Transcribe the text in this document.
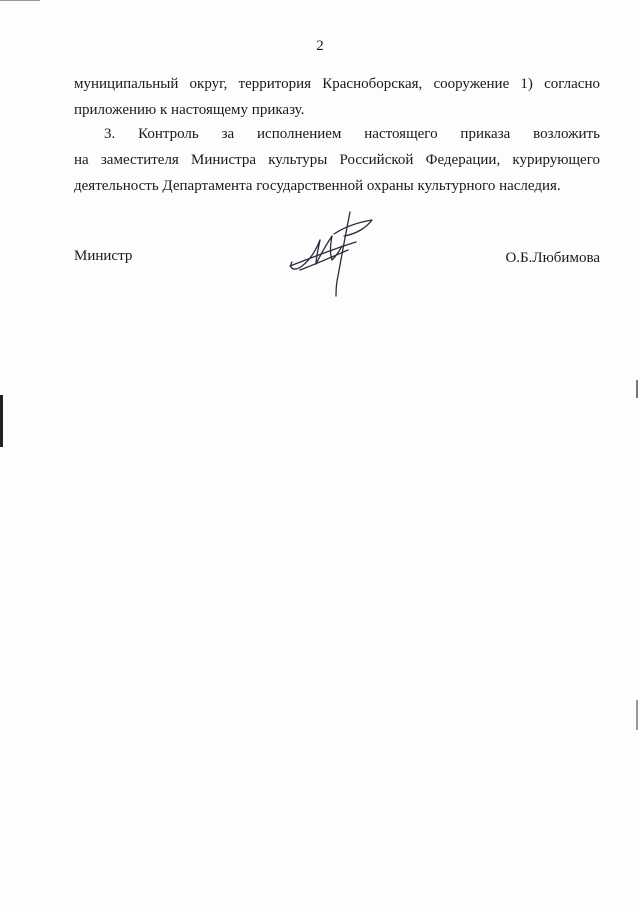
2
муниципальный округ, территория Красноборская, сооружение 1) согласно приложению к настоящему приказу.
3. Контроль за исполнением настоящего приказа возложить
на заместителя Министра культуры Российской Федерации, курирующего
деятельность Департамента государственной охраны культурного наследия.
Министр	О.Б.Любимова
